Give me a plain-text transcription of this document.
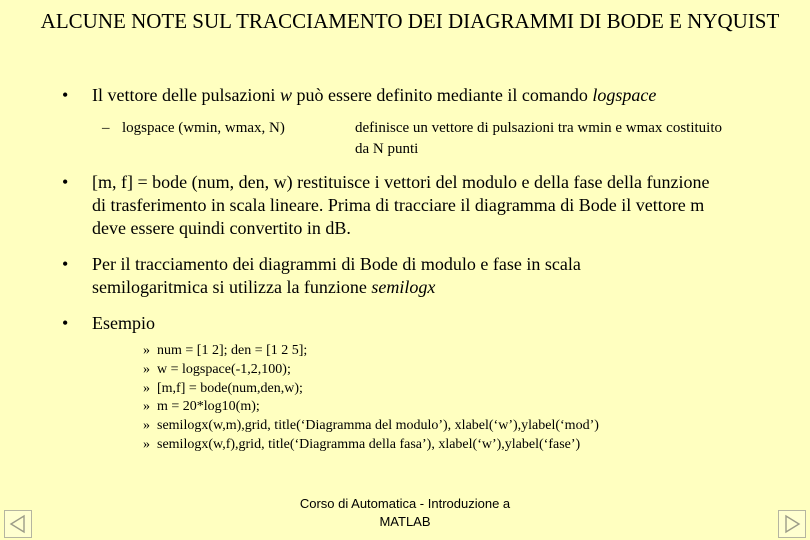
ALCUNE NOTE SUL TRACCIAMENTO DEI DIAGRAMMI DI BODE E NYQUIST
• Il vettore delle pulsazioni w può essere definito mediante il comando logspace
– logspace (wmin, wmax, N)	definisce un vettore di pulsazioni tra wmin e wmax costituito da N punti
• [m, f] = bode (num, den, w) restituisce i vettori del modulo e della fase della funzione di trasferimento in scala lineare. Prima di tracciare il diagramma di Bode il vettore m deve essere quindi convertito in dB.
• Per il tracciamento dei diagrammi di Bode di modulo e fase in scala semilogaritmica si utilizza la funzione semilogx
• Esempio
» num = [1 2]; den = [1 2 5];
» w = logspace(-1,2,100);
» [m,f] = bode(num,den,w);
» m = 20*log10(m);
» semilogx(w,m),grid, title(‘Diagramma del modulo’), xlabel(‘w’),ylabel(‘mod’)
» semilogx(w,f),grid, title(‘Diagramma della fasa’), xlabel(‘w’),ylabel(‘fase’)
Corso di Automatica - Introduzione a MATLAB
